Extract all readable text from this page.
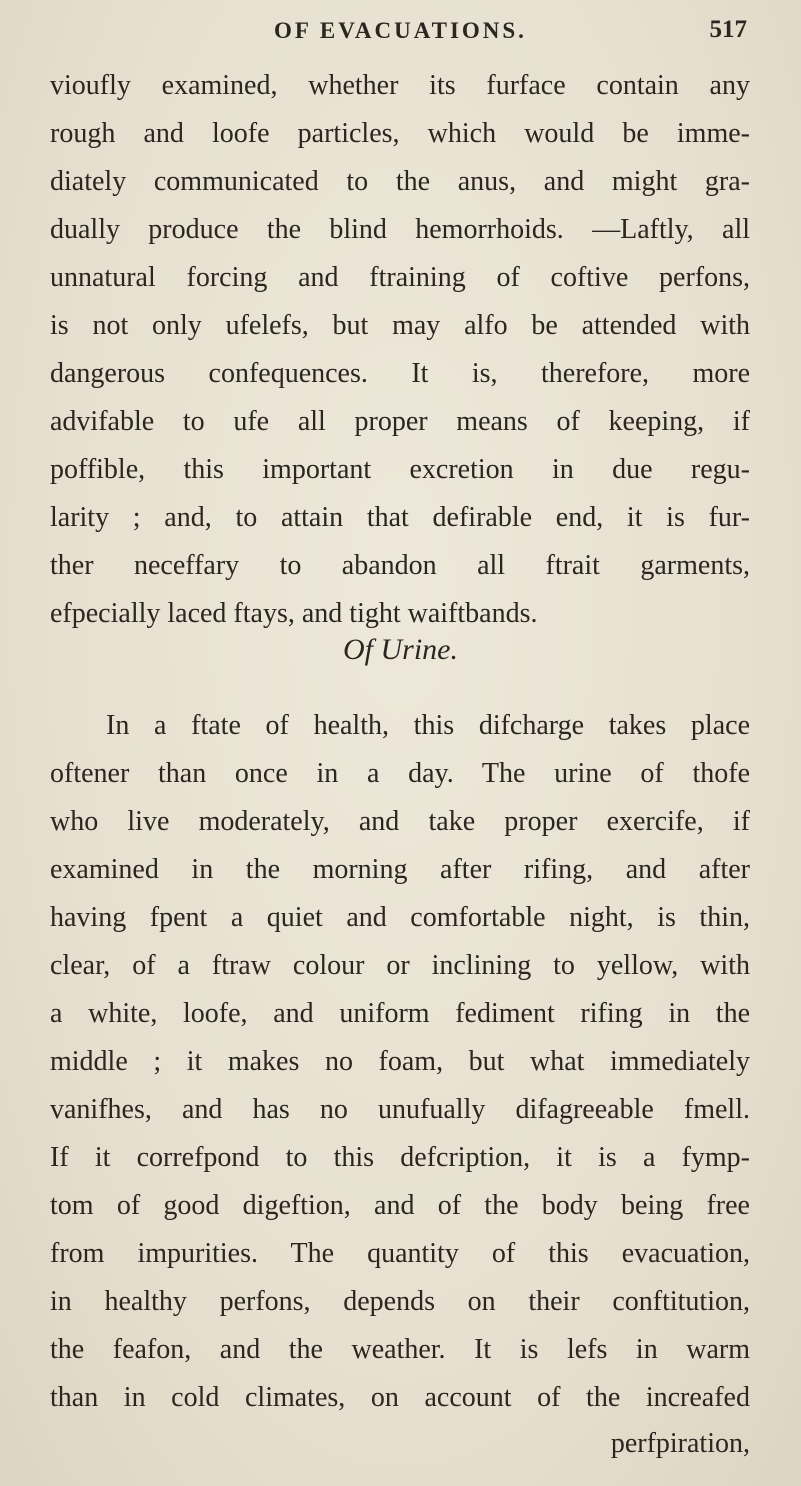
OF EVACUATIONS.	517
vioufly examined, whether its furface contain any
rough and loofe particles, which would be imme-
diately communicated to the anus, and might gra-
dually produce the blind hemorrhoids. —Laftly, all
unnatural forcing and ftraining of coftive perfons,
is not only ufelefs, but may alfo be attended with
dangerous confequences. It is, therefore, more
advifable to ufe all proper means of keeping, if
poffible, this important excretion in due regu-
larity ; and, to attain that defirable end, it is fur-
ther neceffary to abandon all ftrait garments,
efpecially laced ftays, and tight waiftbands.
Of Urine.
In a ftate of health, this difcharge takes place
oftener than once in a day. The urine of thofe
who live moderately, and take proper exercife, if
examined in the morning after rifing, and after
having fpent a quiet and comfortable night, is thin,
clear, of a ftraw colour or inclining to yellow, with
a white, loofe, and uniform fediment rifing in the
middle ; it makes no foam, but what immediately
vanifhes, and has no unufually difagreeable fmell.
If it correfpond to this defcription, it is a fymp-
tom of good digeftion, and of the body being free
from impurities. The quantity of this evacuation,
in healthy perfons, depends on their conftitution,
the feafon, and the weather. It is lefs in warm
than in cold climates, on account of the increafed
perfpiration,
